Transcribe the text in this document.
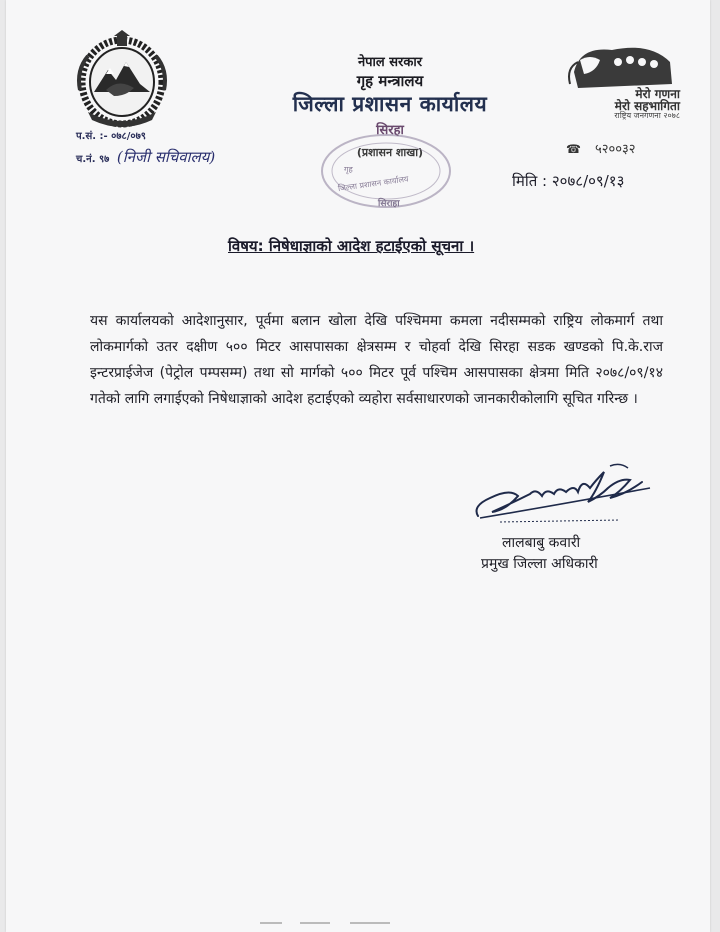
नेपाल सरकार
गृह मन्त्रालय
जिल्ला प्रशासन कार्यालय
सिरहा
(प्रशासन शाखा)
गृह
जिल्ला प्रशासन कार्यालय
सिराहा
प.सं. :- ०७८/०७९
च.नं. ९७ (निजी सचिवालय)
मेरो गणना
मेरो सहभागिता
राष्ट्रिय जनगणना २०७८
☎ ५२००३२
मिति : २०७८/०९/१३
विषय: निषेधाज्ञाको आदेश हटाईएको सूचना ।
यस कार्यालयको आदेशानुसार, पूर्वमा बलान खोला देखि पश्चिममा कमला नदीसम्मको राष्ट्रिय लोकमार्ग तथा लोकमार्गको उतर दक्षीण ५०० मिटर आसपासका क्षेत्रसम्म र चोहर्वा देखि सिरहा सडक खण्डको पि.के.राज इन्टरप्राईजेज (पेट्रोल पम्पसम्म) तथा सो मार्गको ५०० मिटर पूर्व पश्चिम आसपासका क्षेत्रमा मिति २०७८/०९/१४ गतेको लागि लगाईएको निषेधाज्ञाको आदेश हटाईएको व्यहोरा सर्वसाधारणको जानकारीकोलागि सूचित गरिन्छ ।
लालबाबु कवारी
प्रमुख जिल्ला अधिकारी
